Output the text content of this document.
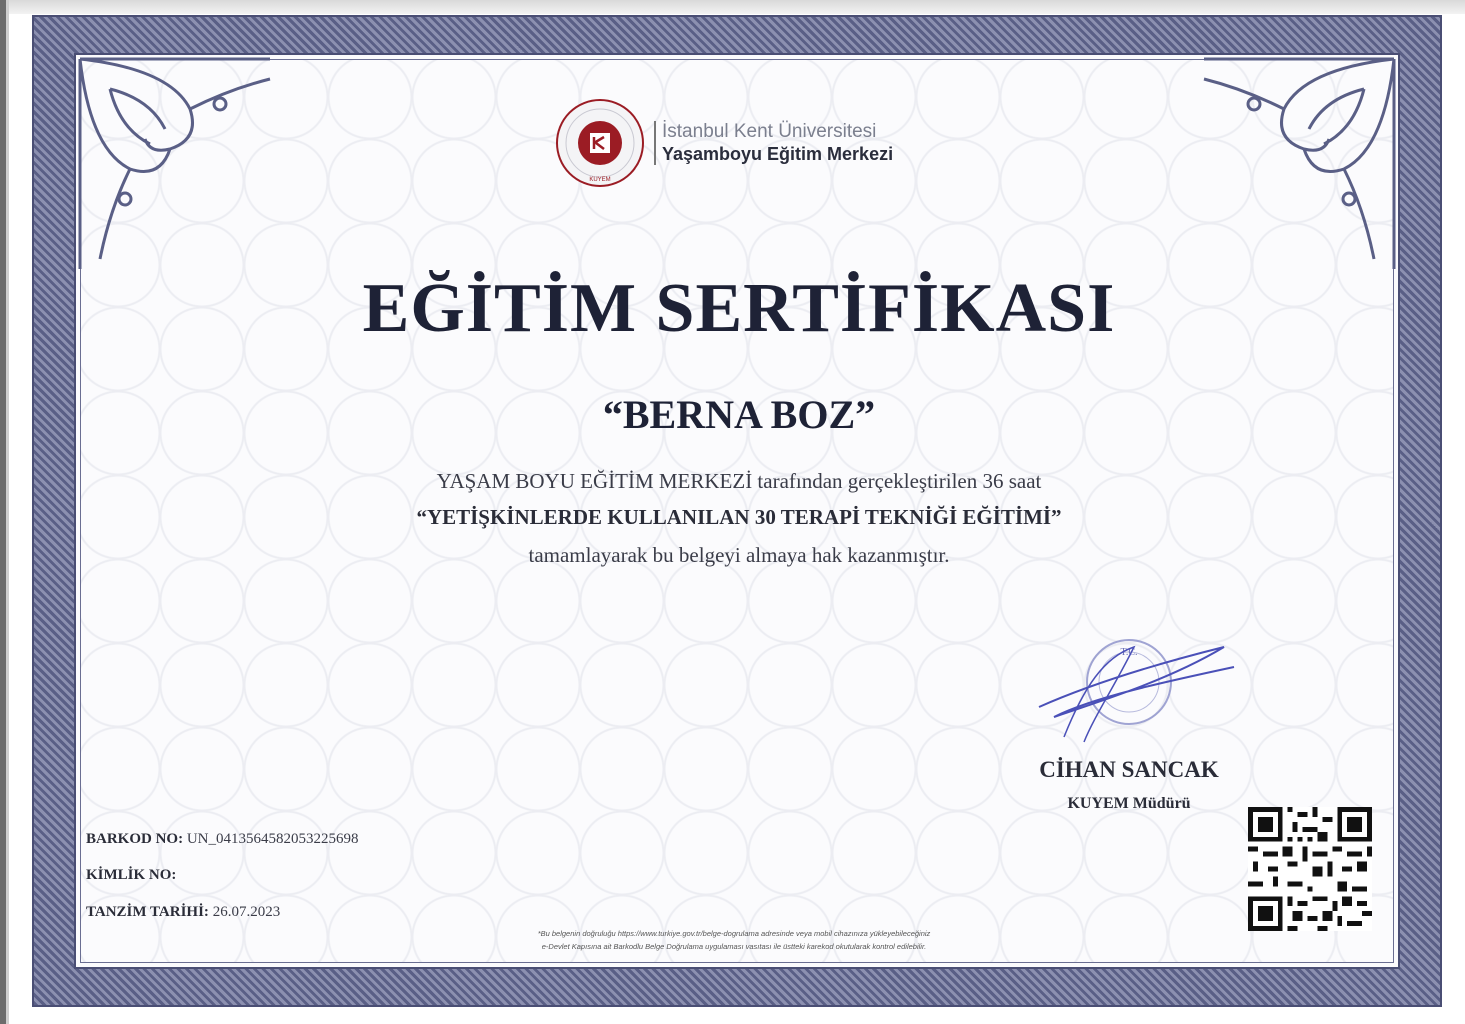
KUYEM
İstanbul Kent Üniversitesi
Yaşamboyu Eğitim Merkezi
EĞİTİM SERTİFİKASI
“BERNA BOZ”
YAŞAM BOYU EĞİTİM MERKEZİ tarafından gerçekleştirilen 36 saat
“YETİŞKİNLERDE KULLANILAN 30 TERAPİ TEKNİĞİ EĞİTİMİ”
tamamlayarak bu belgeyi almaya hak kazanmıştır.
T.C.
CİHAN SANCAK
KUYEM Müdürü
BARKOD NO: UN_0413564582053225698
KİMLİK NO:
TANZİM TARİHİ: 26.07.2023
*Bu belgenin doğruluğu https://www.turkiye.gov.tr/belge-dogrulama adresinde veya mobil cihazınıza yükleyebileceğiniz
e-Devlet Kapısına ait Barkodlu Belge Doğrulama uygulaması vasıtası ile üstteki karekod okutularak kontrol edilebilir.
